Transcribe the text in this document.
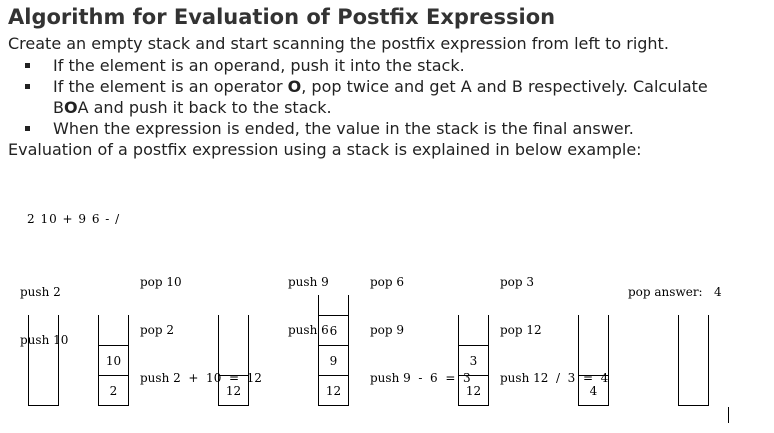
Algorithm for Evaluation of Postfix Expression

Create an empty stack and start scanning the postfix expression from left to right.

If the element is an operand, push it into the stack.
If the element is an operator O, pop twice and get A and B respectively. Calculate
BOA and push it back to the stack.
When the expression is ended, the value in the stack is the final answer.

Evaluation of a postfix expression using a stack is explained in below example:

2 10 + 9 6 - /

push 2

push 10

pop 10

pop 2

push 2  +  10  =  12

push 9

push 6

pop 6

pop 9

push 9  -  6  =  3

pop 3

pop 12

push 12  /  3  =  4

pop answer:   4

10
2	12
6
9
12
3
12	4
